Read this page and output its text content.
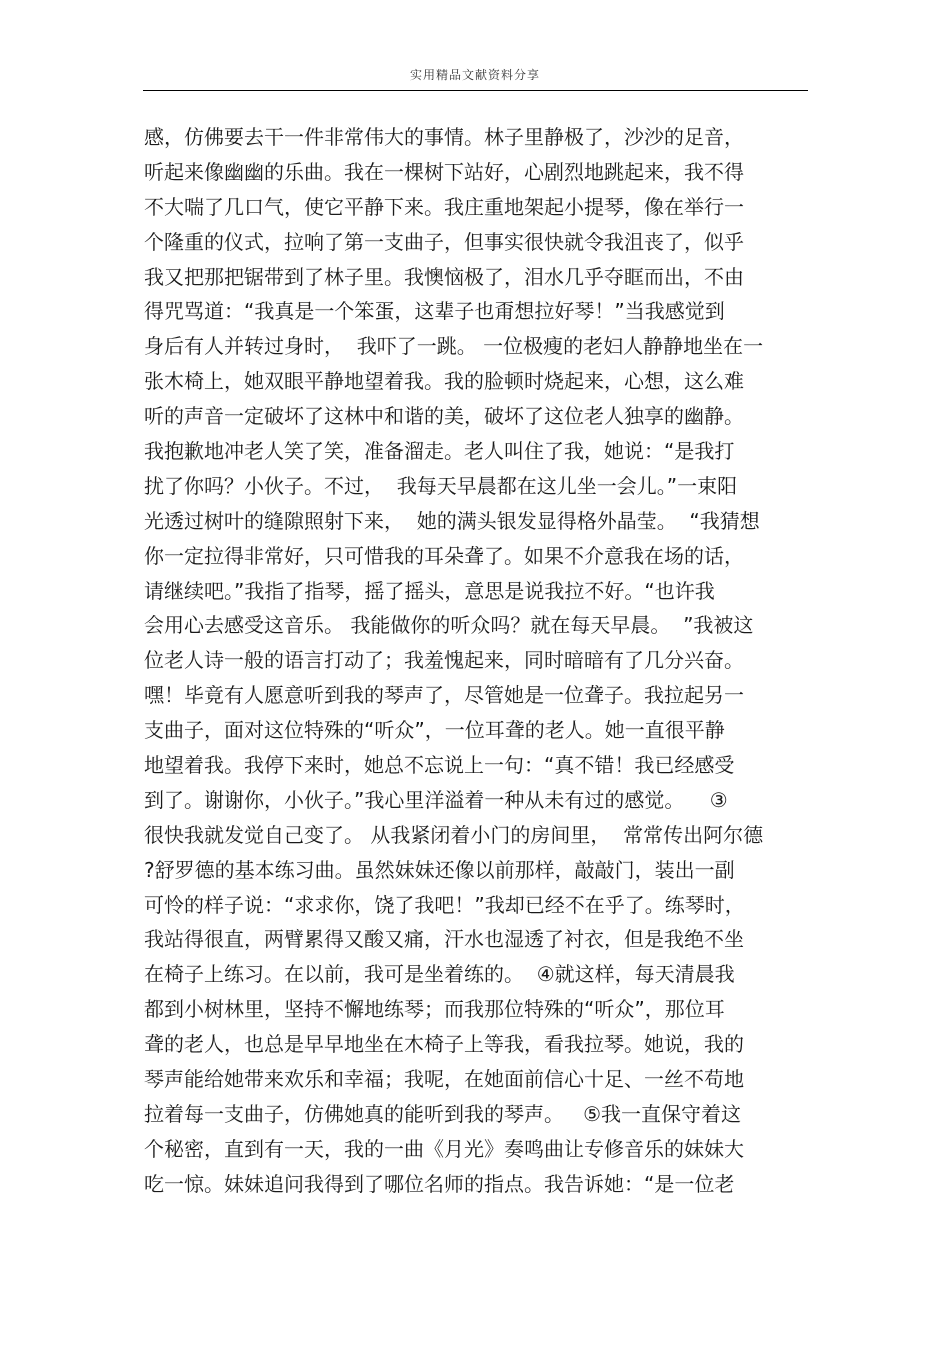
实用精品文献资料分享
感，仿佛要去干一件非常伟大的事情。林子里静极了，沙沙的足音，
听起来像幽幽的乐曲。我在一棵树下站好，心剧烈地跳起来，我不得
不大喘了几口气，使它平静下来。我庄重地架起小提琴，像在举行一
个隆重的仪式，拉响了第一支曲子，但事实很快就令我沮丧了，似乎
我又把那把锯带到了林子里。我懊恼极了，泪水几乎夺眶而出，不由
得咒骂道：“我真是一个笨蛋，这辈子也甭想拉好琴！”当我感觉到
身后有人并转过身时，  我吓了一跳。 一位极瘦的老妇人静静地坐在一
张木椅上，她双眼平静地望着我。我的脸顿时烧起来，心想，这么难
听的声音一定破坏了这林中和谐的美，破坏了这位老人独享的幽静。
我抱歉地冲老人笑了笑，准备溜走。老人叫住了我，她说：“是我打
扰了你吗？小伙子。不过，  我每天早晨都在这儿坐一会儿。”一束阳
光透过树叶的缝隙照射下来，  她的满头银发显得格外晶莹。  “我猜想
你一定拉得非常好，只可惜我的耳朵聋了。如果不介意我在场的话，
请继续吧。”我指了指琴，摇了摇头，意思是说我拉不好。“也许我
会用心去感受这音乐。 我能做你的听众吗？就在每天早晨。  ”我被这
位老人诗一般的语言打动了；我羞愧起来，同时暗暗有了几分兴奋。
嘿！毕竟有人愿意听到我的琴声了，尽管她是一位聋子。我拉起另一
支曲子，面对这位特殊的“听众”，一位耳聋的老人。她一直很平静
地望着我。我停下来时，她总不忘说上一句：“真不错！我已经感受
到了。谢谢你，小伙子。”我心里洋溢着一种从未有过的感觉。    ③
很快我就发觉自己变了。 从我紧闭着小门的房间里，  常常传出阿尔德
?舒罗德的基本练习曲。虽然妹妹还像以前那样，敲敲门，装出一副
可怜的样子说：“求求你，饶了我吧！”我却已经不在乎了。练琴时，
我站得很直，两臂累得又酸又痛，汗水也湿透了衬衣，但是我绝不坐
在椅子上练习。在以前，我可是坐着练的。  ④就这样，每天清晨我
都到小树林里，坚持不懈地练琴；而我那位特殊的“听众”，那位耳
聋的老人，也总是早早地坐在木椅子上等我，看我拉琴。她说，我的
琴声能给她带来欢乐和幸福；我呢，在她面前信心十足、一丝不苟地
拉着每一支曲子，仿佛她真的能听到我的琴声。   ⑤我一直保守着这
个秘密，直到有一天，我的一曲《月光》奏鸣曲让专修音乐的妹妹大
吃一惊。妹妹追问我得到了哪位名师的指点。我告诉她：“是一位老
